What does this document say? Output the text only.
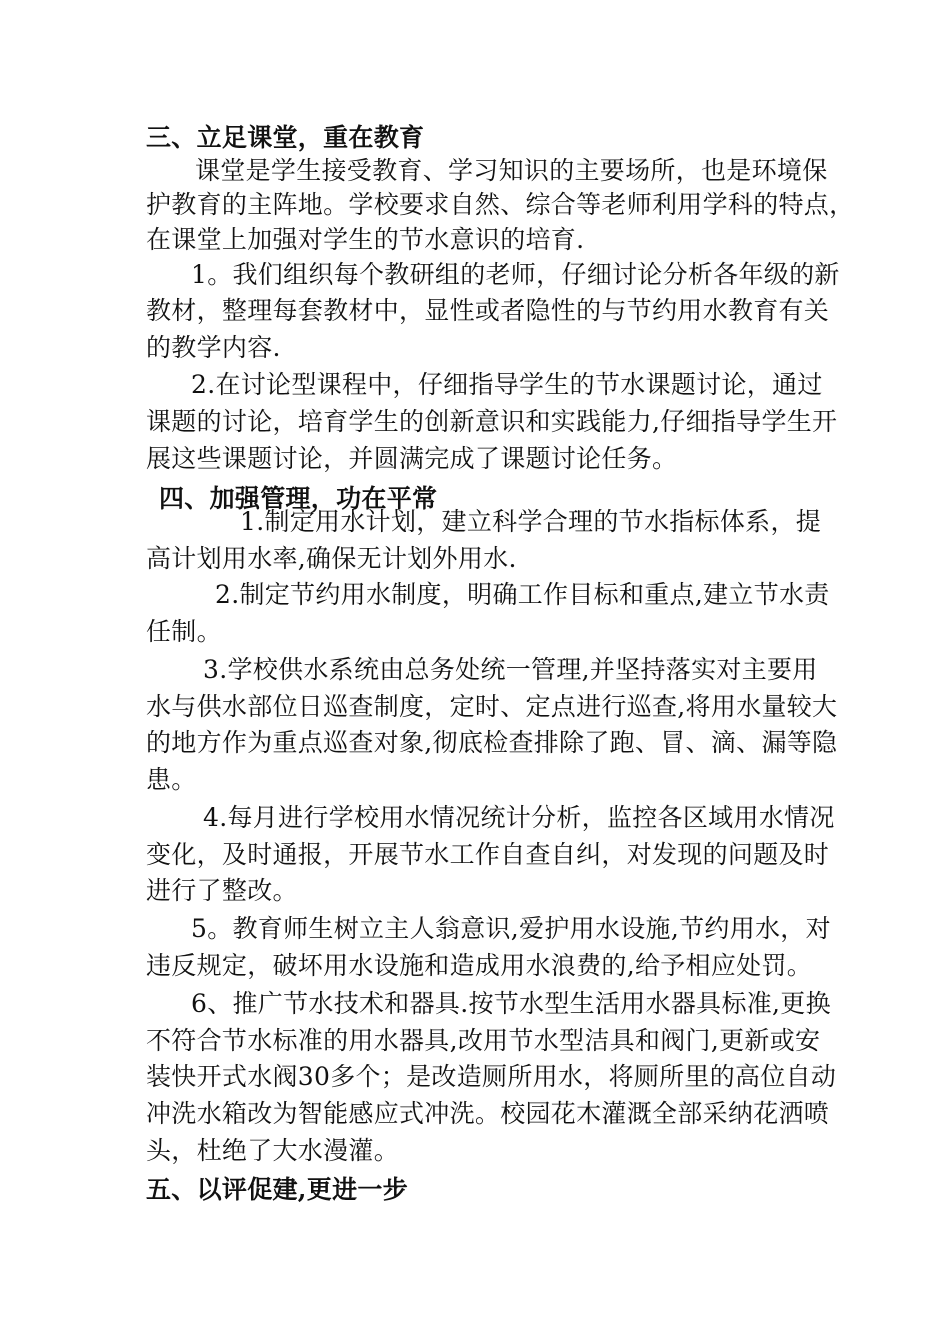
三、立足课堂，重在教育
课堂是学生接受教育、学习知识的主要场所，也是环境保
护教育的主阵地。学校要求自然、综合等老师利用学科的特点，
在课堂上加强对学生的节水意识的培育.
1。我们组织每个教研组的老师，仔细讨论分析各年级的新
教材，整理每套教材中，显性或者隐性的与节约用水教育有关
的教学内容.
2.在讨论型课程中，仔细指导学生的节水课题讨论，通过
课题的讨论，培育学生的创新意识和实践能力,仔细指导学生开
展这些课题讨论，并圆满完成了课题讨论任务。
四、加强管理，功在平常
1.制定用水计划，建立科学合理的节水指标体系，提
高计划用水率,确保无计划外用水.
2.制定节约用水制度，明确工作目标和重点,建立节水责
任制。
3.学校供水系统由总务处统一管理,并坚持落实对主要用
水与供水部位日巡查制度，定时、定点进行巡查,将用水量较大
的地方作为重点巡查对象,彻底检查排除了跑、冒、滴、漏等隐
患。
4.每月进行学校用水情况统计分析，监控各区域用水情况
变化，及时通报，开展节水工作自查自纠，对发现的问题及时
进行了整改。
5。教育师生树立主人翁意识,爱护用水设施,节约用水，对
违反规定，破坏用水设施和造成用水浪费的,给予相应处罚。
6、推广节水技术和器具.按节水型生活用水器具标准,更换
不符合节水标准的用水器具,改用节水型洁具和阀门,更新或安
装快开式水阀30多个；是改造厕所用水，将厕所里的高位自动
冲洗水箱改为智能感应式冲洗。校园花木灌溉全部采纳花洒喷
头，杜绝了大水漫灌。
五、以评促建,更进一步
